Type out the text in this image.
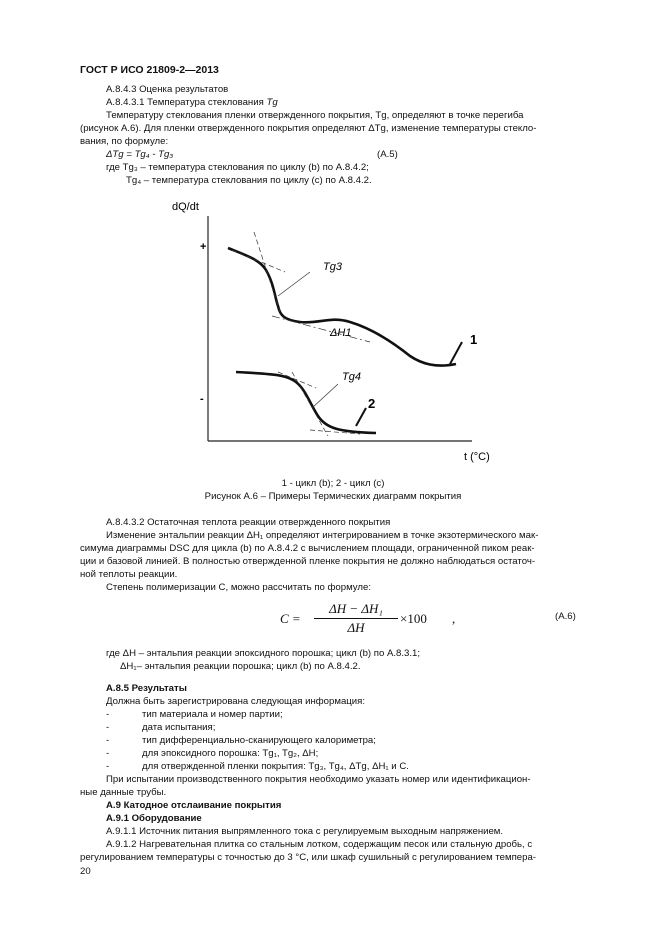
ГОСТ Р ИСО 21809-2—2013
А.8.4.3 Оценка результатов
А.8.4.3.1 Температура стеклования Tg
Температуру стеклования пленки отвержденного покрытия, Tg, определяют в точке перегиба
(рисунок А.6). Для пленки отвержденного покрытия определяют ΔTg, изменение температуры стекло-
вания, по формуле:
ΔTg = Tg₄ - Tg₃	(А.5)
где Tg₃ – температура стеклования по циклу (b) по А.8.4.2;
Tg₄ – температура стеклования по циклу (с) по А.8.4.2.
dQ/dt
+
-
t (°C)
Tg3
ΔH1	1
Tg4
2
1 - цикл (b); 2 - цикл (с)
Рисунок А.6 – Примеры Термических диаграмм покрытия
А.8.4.3.2 Остаточная теплота реакции отвержденного покрытия
Изменение энтальпии реакции ΔH₁ определяют интегрированием в точке экзотермического мак-
симума диаграммы DSC для цикла (b) по А.8.4.2 с вычислением площади, ограниченной пиком реак-
ции и базовой линией. В полностью отвержденной пленке покрытия не должно наблюдаться остаточ-
ной теплоты реакции.
Степень полимеризации С, можно рассчитать по формуле:
C =
ΔH − ΔH₁
ΔH
×100 ,	(А.6)
где ΔH – энтальпия реакции эпоксидного порошка; цикл (b) по А.8.3.1;
ΔH₁– энтальпия реакции порошка; цикл (b) по А.8.4.2.
А.8.5 Результаты
Должна быть зарегистрирована следующая информация:
-	тип материала и номер партии;
-	дата испытания;
-	тип дифференциально-сканирующего калориметра;
-	для эпоксидного порошка: Tg₁, Tg₂, ΔH;
-	для отвержденной пленки покрытия: Tg₃, Tg₄, ΔTg, ΔH₁ и С.
При испытании производственного покрытия необходимо указать номер или идентификацион-
ные данные трубы.
А.9 Катодное отслаивание покрытия
А.9.1 Оборудование
А.9.1.1 Источник питания выпрямленного тока с регулируемым выходным напряжением.
А.9.1.2 Нагревательная плитка со стальным лотком, содержащим песок или стальную дробь, с
регулированием температуры с точностью до 3 °С, или шкаф сушильный с регулированием темпера-
20
